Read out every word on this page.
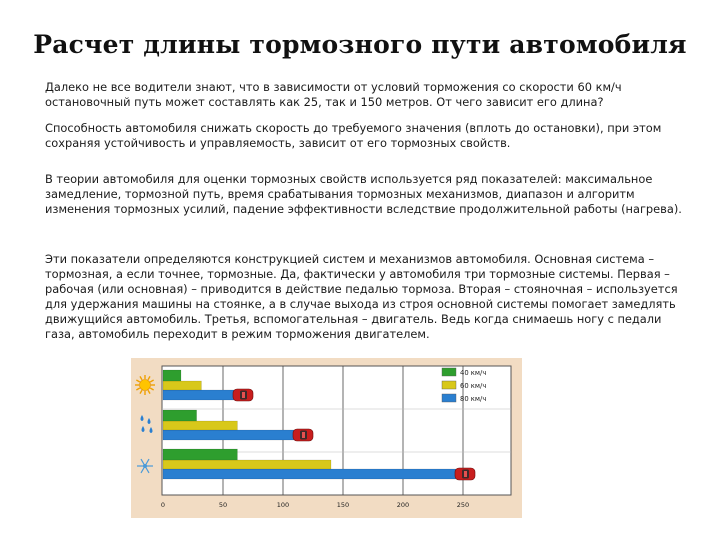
Расчет длины тормозного пути автомобиля
Далеко не все водители знают, что в зависимости от условий торможения со скорости 60 км/ч остановочный путь может составлять как 25, так и 150 метров. От чего зависит его длина?
Способность автомобиля снижать скорость до требуемого значения (вплоть до остановки), при этом сохраняя устойчивость и управляемость, зависит от его тормозных свойств.
В теории автомобиля для оценки тормозных свойств используется ряд показателей: максимальное замедление, тормозной путь, время срабатывания тормозных механизмов, диапазон и алгоритм изменения тормозных усилий, падение эффективности вследствие продолжительной работы (нагрева).
Эти показатели определяются конструкцией систем и механизмов автомобиля. Основная система – тормозная, а если точнее, тормозные. Да, фактически у автомобиля три тормозные системы. Первая – рабочая (или основная) – приводится в действие педалью тормоза. Вторая – стояночная – используется для удержания машины на стоянке, а в случае выхода из строя основной системы помогает замедлять движущийся автомобиль. Третья, вспомогательная – двигатель. Ведь когда снимаешь ногу с педали газа, автомобиль переходит в режим торможения двигателем.
0	50	100	150	200	250
40 км/ч
60 км/ч
80 км/ч
